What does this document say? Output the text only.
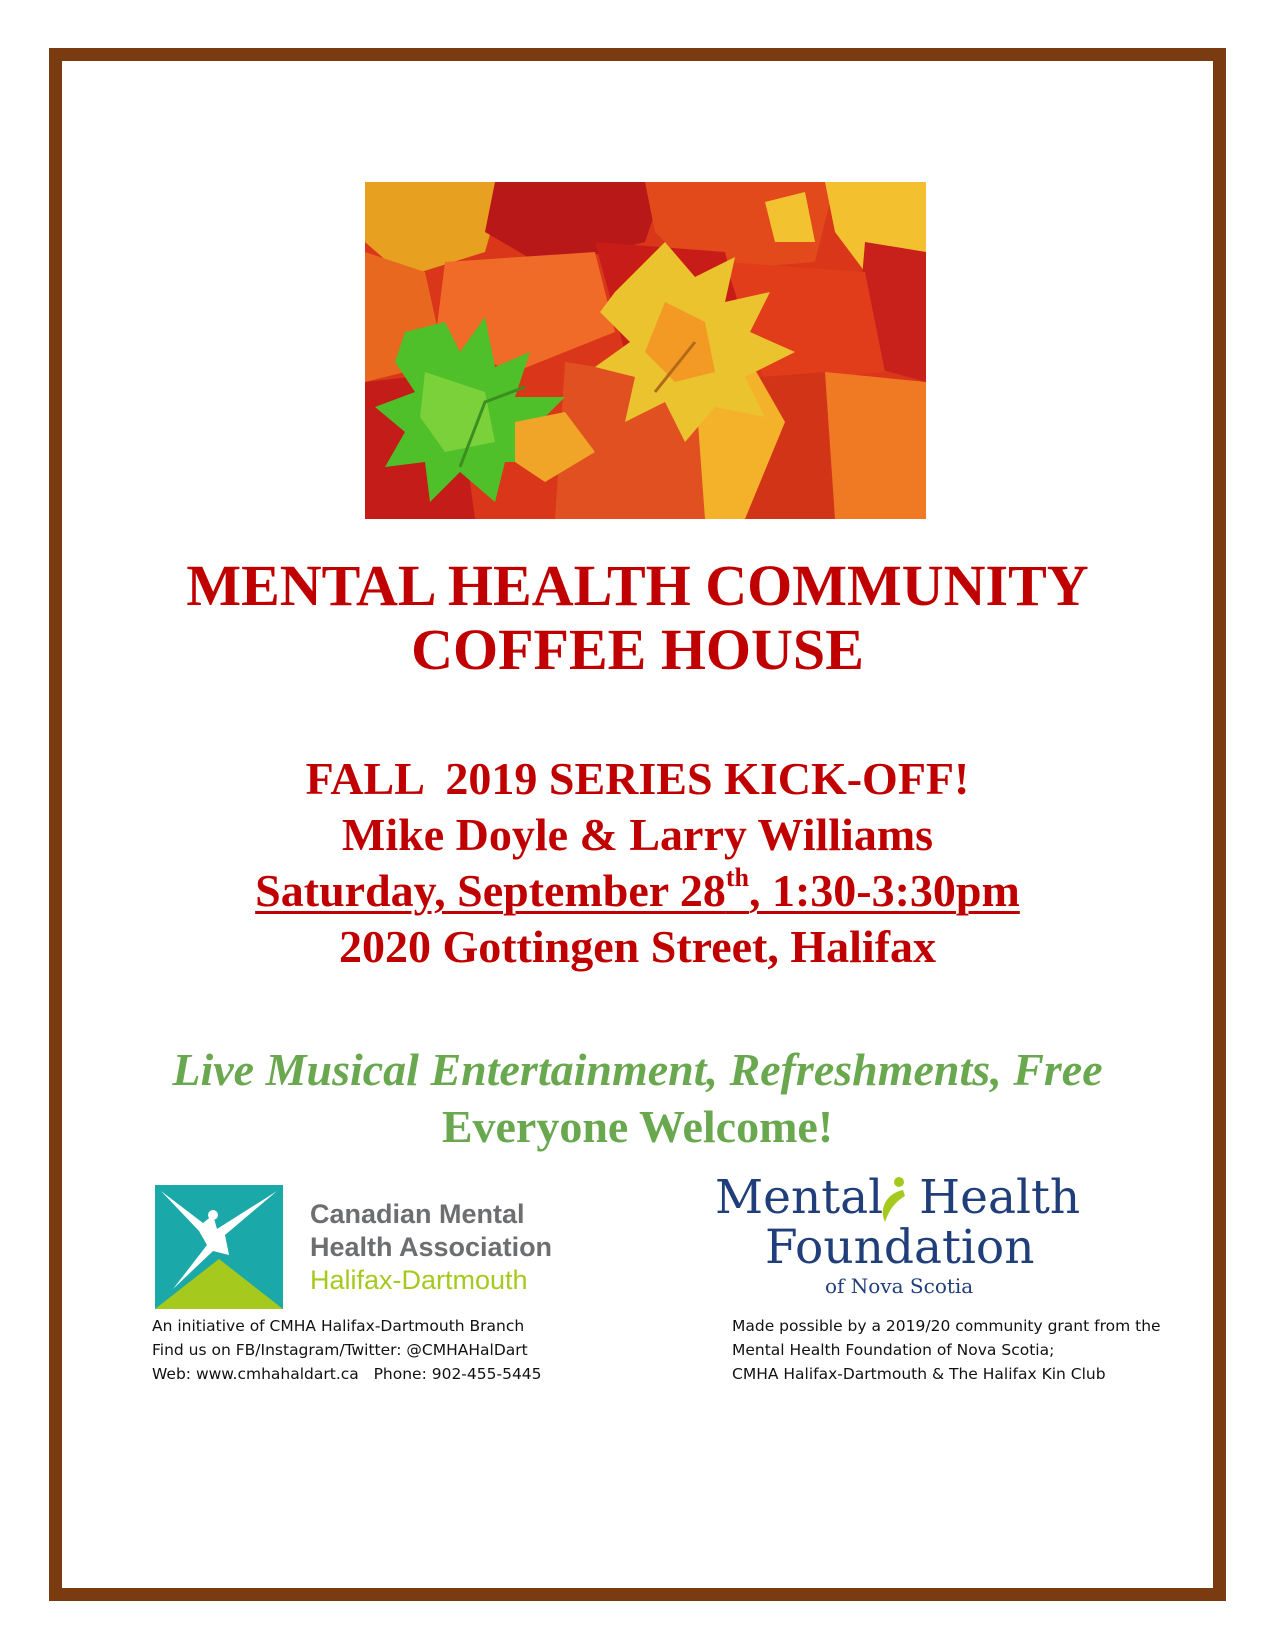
MENTAL HEALTH COMMUNITY
COFFEE HOUSE
FALL  2019 SERIES KICK-OFF!
Mike Doyle & Larry Williams
Saturday, September 28th, 1:30-3:30pm
2020 Gottingen Street, Halifax
Live Musical Entertainment, Refreshments, Free
Everyone Welcome!
Canadian Mental
Health Association
Halifax-Dartmouth
Mental Health
Foundation
of Nova Scotia
An initiative of CMHA Halifax-Dartmouth Branch
Find us on FB/Instagram/Twitter: @CMHAHalDart
Web: www.cmhahaldart.ca   Phone: 902-455-5445
Made possible by a 2019/20 community grant from the
Mental Health Foundation of Nova Scotia;
CMHA Halifax-Dartmouth & The Halifax Kin Club
